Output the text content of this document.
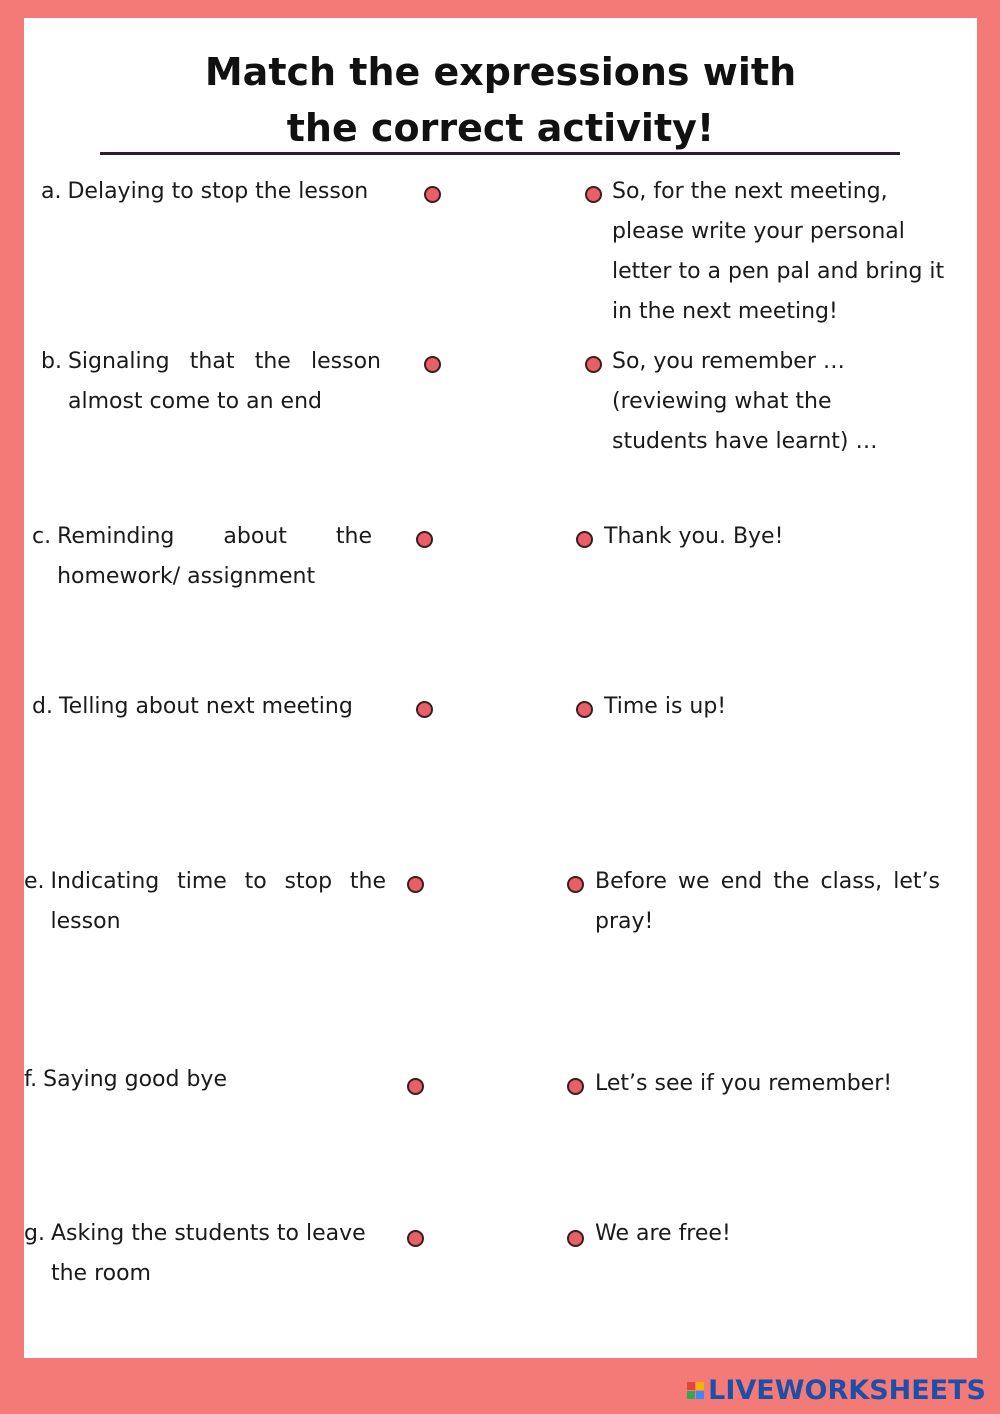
Match the expressions with
the correct activity!
a. Delaying to stop the lesson
b. Signaling that the lesson almost come to an end
c. Reminding about the homework/ assignment
d. Telling about next meeting
e. Indicating time to stop the lesson
f. Saying good bye
g. Asking the students to leave the room
So, for the next meeting, please write your personal letter to a pen pal and bring it in the next meeting!
So, you remember … (reviewing what the students have learnt) …
Thank you. Bye!
Time is up!
Before we end the class, let’s pray!
Let’s see if you remember!
We are free!
LIVEWORKSHEETS
